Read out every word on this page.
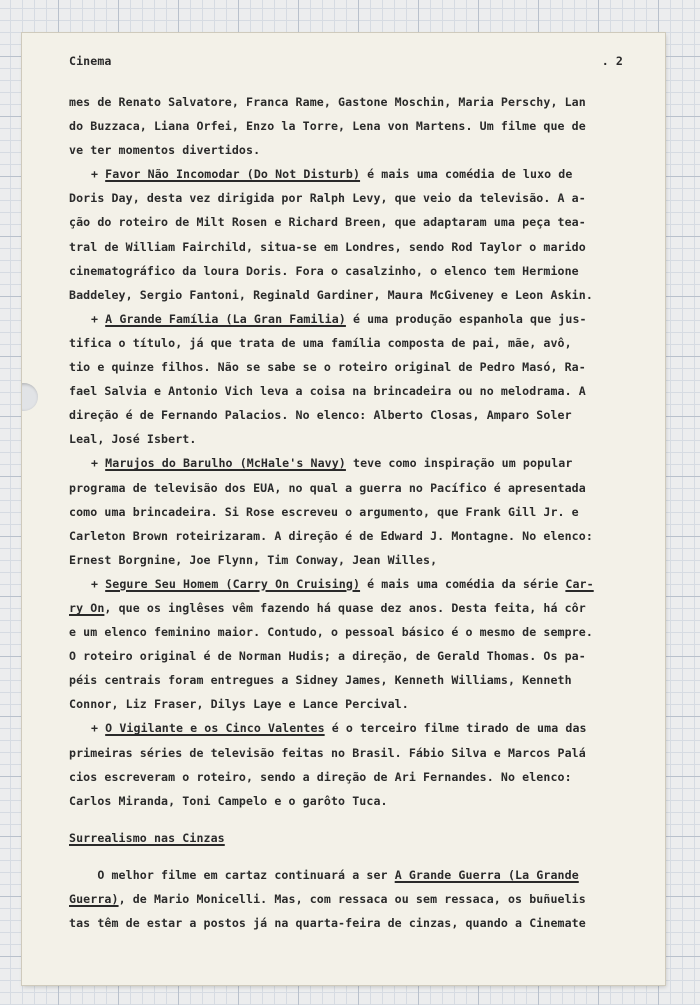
Cinema	. 2
mes de Renato Salvatore, Franca Rame, Gastone Moschin, Maria Perschy, Lan
do Buzzaca, Liana Orfei, Enzo la Torre, Lena von Martens. Um filme que de
ve ter momentos divertidos.
+ Favor Não Incomodar (Do Not Disturb) é mais uma comédia de luxo de
Doris Day, desta vez dirigida por Ralph Levy, que veio da televisão. A a-
ção do roteiro de Milt Rosen e Richard Breen, que adaptaram uma peça tea-
tral de William Fairchild, situa-se em Londres, sendo Rod Taylor o marido
cinematográfico da loura Doris. Fora o casalzinho, o elenco tem Hermione
Baddeley, Sergio Fantoni, Reginald Gardiner, Maura McGiveney e Leon Askin.
+ A Grande Família (La Gran Familia) é uma produção espanhola que jus-
tifica o título, já que trata de uma família composta de pai, mãe, avô,
tio e quinze filhos. Não se sabe se o roteiro original de Pedro Masó, Ra-
fael Salvia e Antonio Vich leva a coisa na brincadeira ou no melodrama. A
direção é de Fernando Palacios. No elenco: Alberto Closas, Amparo Soler
Leal, José Isbert.
+ Marujos do Barulho (McHale's Navy) teve como inspiração um popular
programa de televisão dos EUA, no qual a guerra no Pacífico é apresentada
como uma brincadeira. Si Rose escreveu o argumento, que Frank Gill Jr. e
Carleton Brown roteirizaram. A direção é de Edward J. Montagne. No elenco:
Ernest Borgnine, Joe Flynn, Tim Conway, Jean Willes,
+ Segure Seu Homem (Carry On Cruising) é mais uma comédia da série Car-
ry On, que os inglêses vêm fazendo há quase dez anos. Desta feita, há côr
e um elenco feminino maior. Contudo, o pessoal básico é o mesmo de sempre.
O roteiro original é de Norman Hudis; a direção, de Gerald Thomas. Os pa-
péis centrais foram entregues a Sidney James, Kenneth Williams, Kenneth
Connor, Liz Fraser, Dilys Laye e Lance Percival.
+ O Vigilante e os Cinco Valentes é o terceiro filme tirado de uma das
primeiras séries de televisão feitas no Brasil. Fábio Silva e Marcos Palá
cios escreveram o roteiro, sendo a direção de Ari Fernandes. No elenco:
Carlos Miranda, Toni Campelo e o garôto Tuca.
Surrealismo nas Cinzas
O melhor filme em cartaz continuará a ser A Grande Guerra (La Grande
Guerra), de Mario Monicelli. Mas, com ressaca ou sem ressaca, os buñuelis
tas têm de estar a postos já na quarta-feira de cinzas, quando a Cinemate
